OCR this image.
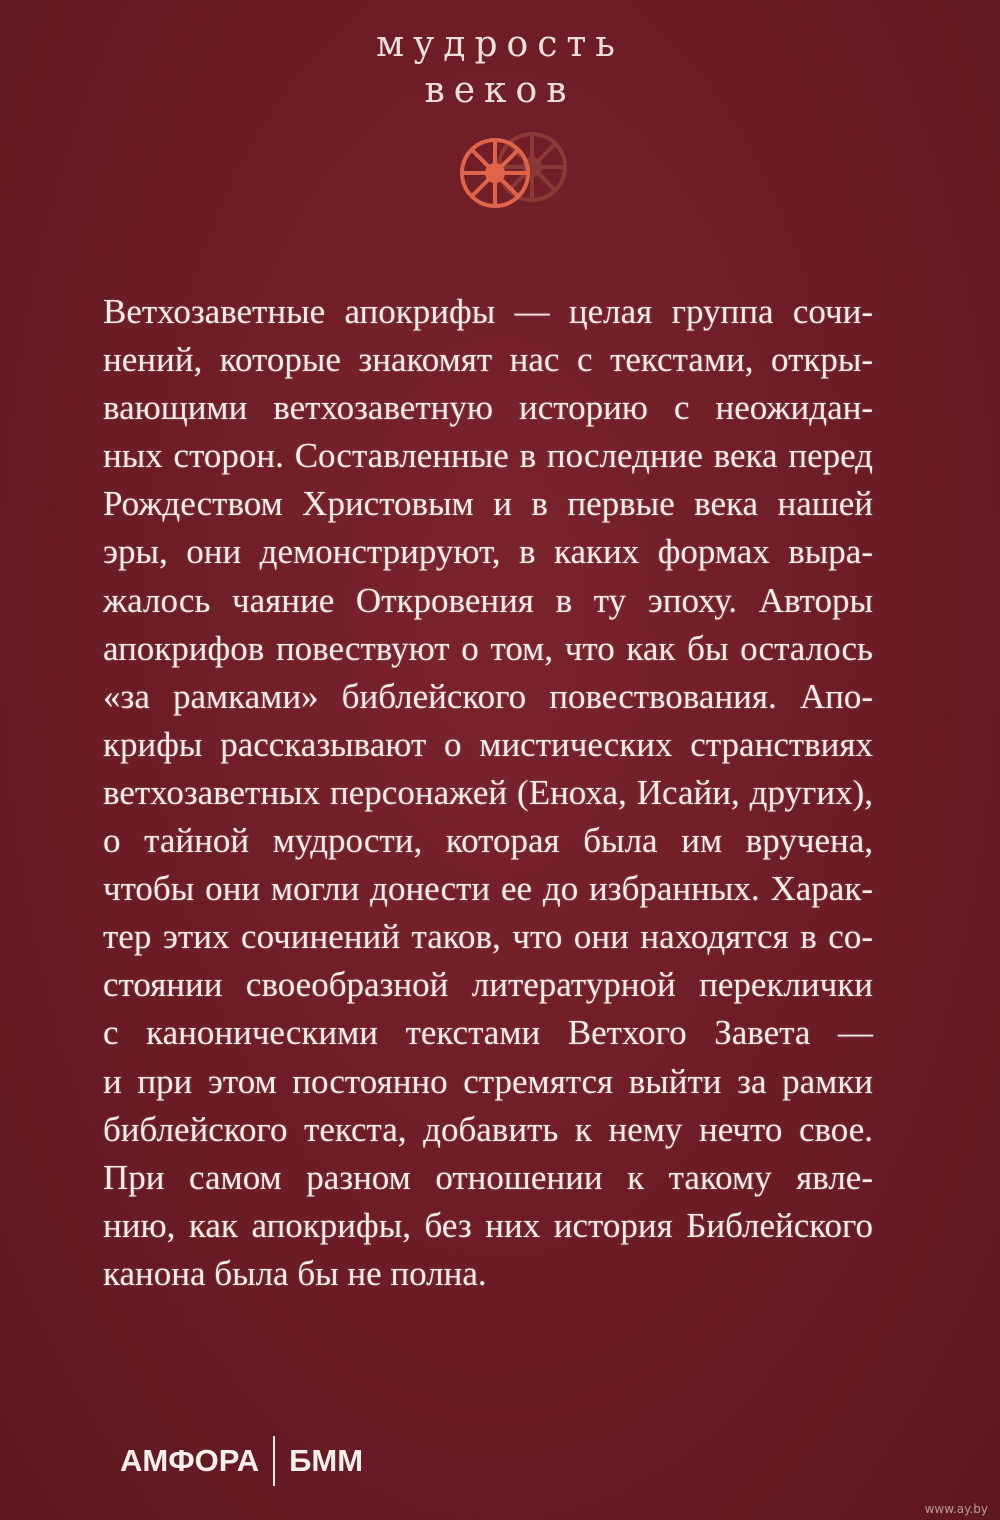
мудрость
веков
Ветхозаветные апокрифы — целая группа сочи-
нений, которые знакомят нас с текстами, откры-
вающими ветхозаветную историю с неожидан-
ных сторон. Составленные в последние века перед
Рождеством Христовым и в первые века нашей
эры, они демонстрируют, в каких формах выра-
жалось чаяние Откровения в ту эпоху. Авторы
апокрифов повествуют о том, что как бы осталось
«за рамками» библейского повествования. Апо-
крифы рассказывают о мистических странствиях
ветхозаветных персонажей (Еноха, Исайи, других),
о тайной мудрости, которая была им вручена,
чтобы они могли донести ее до избранных. Харак-
тер этих сочинений таков, что они находятся в со-
стоянии своеобразной литературной переклички
с каноническими текстами Ветхого Завета —
и при этом постоянно стремятся выйти за рамки
библейского текста, добавить к нему нечто свое.
При самом разном отношении к такому явле-
нию, как апокрифы, без них история Библейского
канона была бы не полна.
АМФОРА БММ
www.ay.by
